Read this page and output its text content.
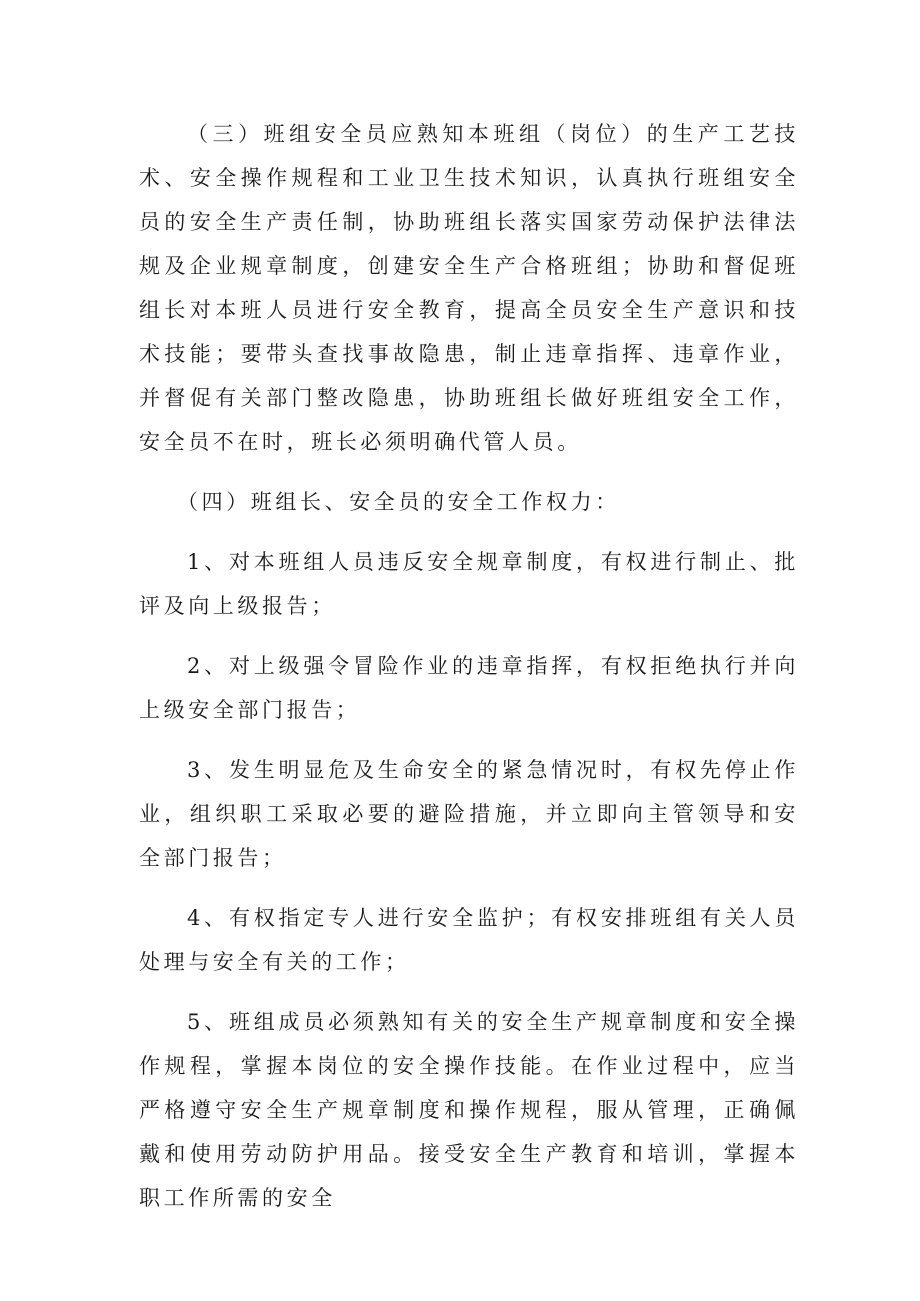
（三）班组安全员应熟知本班组（岗位）的生产工艺技术、安全操作规程和工业卫生技术知识，认真执行班组安全员的安全生产责任制，协助班组长落实国家劳动保护法律法规及企业规章制度，创建安全生产合格班组；协助和督促班组长对本班人员进行安全教育，提高全员安全生产意识和技术技能；要带头查找事故隐患，制止违章指挥、违章作业，并督促有关部门整改隐患，协助班组长做好班组安全工作，安全员不在时，班长必须明确代管人员。

（四）班组长、安全员的安全工作权力：

1、对本班组人员违反安全规章制度，有权进行制止、批评及向上级报告；

2、对上级强令冒险作业的违章指挥，有权拒绝执行并向上级安全部门报告；

3、发生明显危及生命安全的紧急情况时，有权先停止作业，组织职工采取必要的避险措施，并立即向主管领导和安全部门报告；

4、有权指定专人进行安全监护；有权安排班组有关人员处理与安全有关的工作；

5、班组成员必须熟知有关的安全生产规章制度和安全操作规程，掌握本岗位的安全操作技能。在作业过程中，应当严格遵守安全生产规章制度和操作规程，服从管理，正确佩戴和使用劳动防护用品。接受安全生产教育和培训，掌握本职工作所需的安全
